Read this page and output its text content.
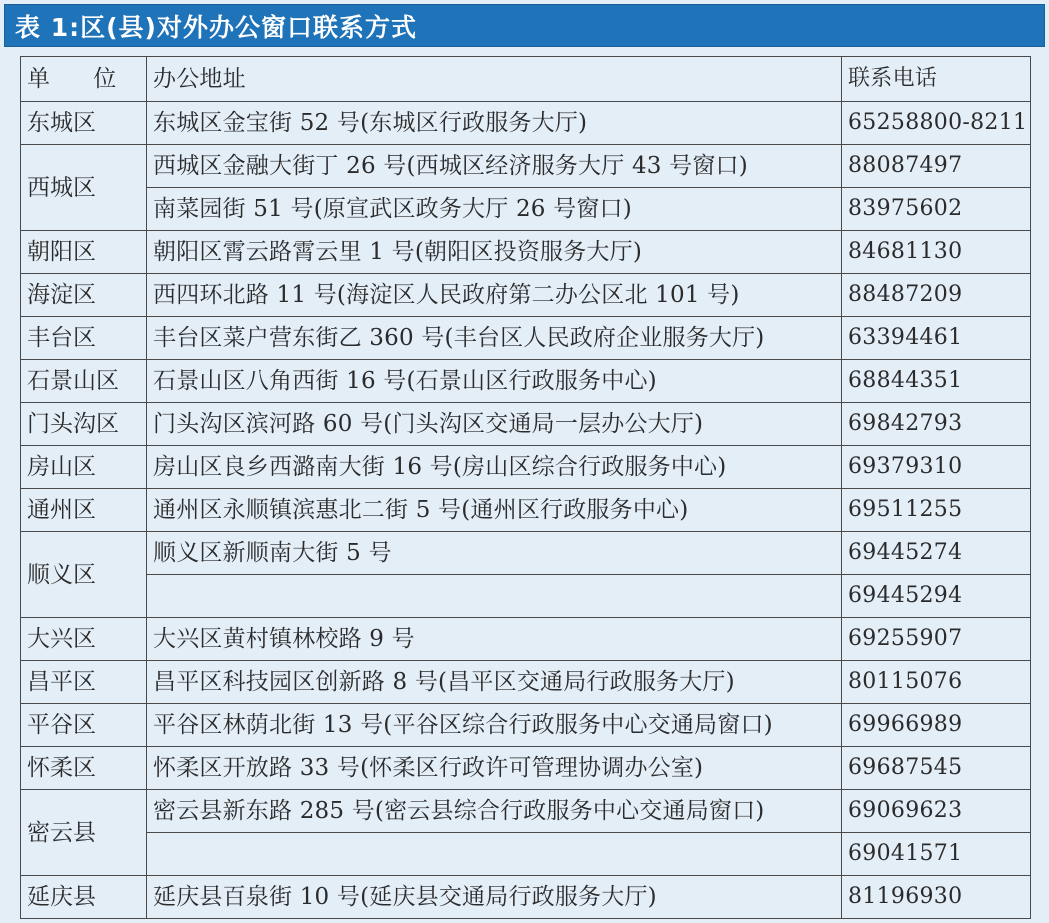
表 1:区(县)对外办公窗口联系方式
单 位	办公地址	联系电话
东城区	东城区金宝街 52 号(东城区行政服务大厅)	65258800-8211
西城区	西城区金融大街丁 26 号(西城区经济服务大厅 43 号窗口)	88087497
	南菜园街 51 号(原宣武区政务大厅 26 号窗口)	83975602
朝阳区	朝阳区霄云路霄云里 1 号(朝阳区投资服务大厅)	84681130
海淀区	西四环北路 11 号(海淀区人民政府第二办公区北 101 号)	88487209
丰台区	丰台区菜户营东街乙 360 号(丰台区人民政府企业服务大厅)	63394461
石景山区	石景山区八角西街 16 号(石景山区行政服务中心)	68844351
门头沟区	门头沟区滨河路 60 号(门头沟区交通局一层办公大厅)	69842793
房山区	房山区良乡西潞南大街 16 号(房山区综合行政服务中心)	69379310
通州区	通州区永顺镇滨惠北二街 5 号(通州区行政服务中心)	69511255
顺义区	顺义区新顺南大街 5 号	69445274
		69445294
大兴区	大兴区黄村镇林校路 9 号	69255907
昌平区	昌平区科技园区创新路 8 号(昌平区交通局行政服务大厅)	80115076
平谷区	平谷区林荫北街 13 号(平谷区综合行政服务中心交通局窗口)	69966989
怀柔区	怀柔区开放路 33 号(怀柔区行政许可管理协调办公室)	69687545
密云县	密云县新东路 285 号(密云县综合行政服务中心交通局窗口)	69069623
		69041571
延庆县	延庆县百泉街 10 号(延庆县交通局行政服务大厅)	81196930
